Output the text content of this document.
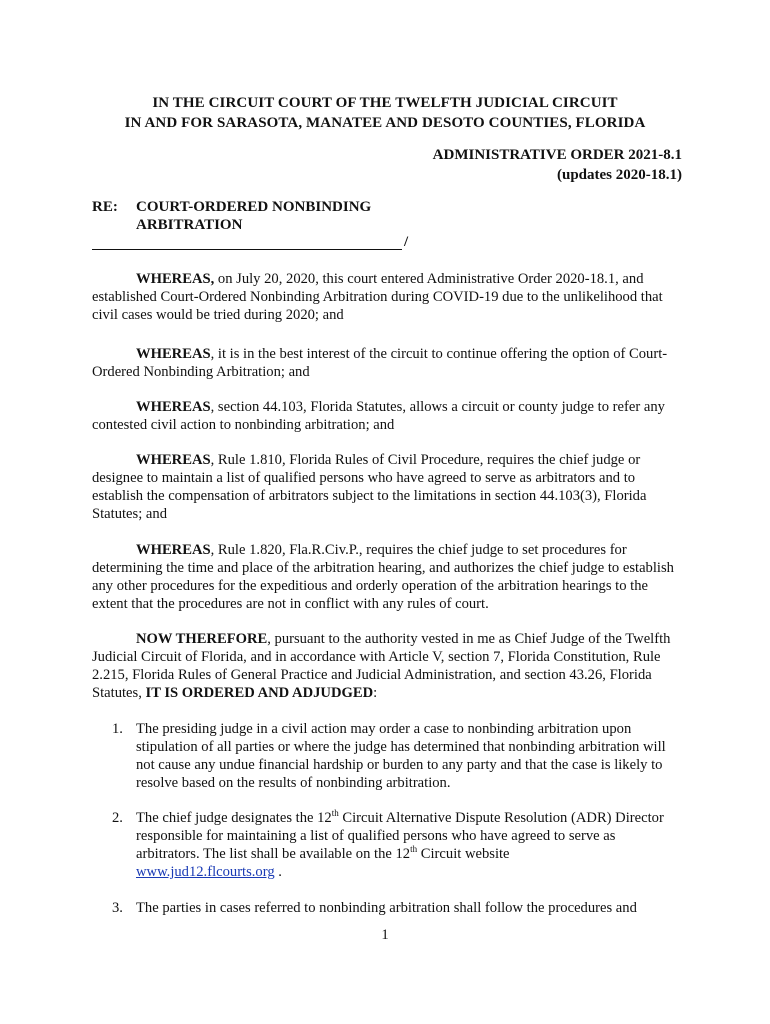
IN THE CIRCUIT COURT OF THE TWELFTH JUDICIAL CIRCUIT
IN AND FOR SARASOTA, MANATEE AND DESOTO COUNTIES, FLORIDA
ADMINISTRATIVE ORDER 2021-8.1
(updates 2020-18.1)
RE: COURT-ORDERED NONBINDING
ARBITRATION
/
WHEREAS, on July 20, 2020, this court entered Administrative Order 2020-18.1, and established Court-Ordered Nonbinding Arbitration during COVID-19 due to the unlikelihood that civil cases would be tried during 2020; and
WHEREAS, it is in the best interest of the circuit to continue offering the option of Court-Ordered Nonbinding Arbitration; and
WHEREAS, section 44.103, Florida Statutes, allows a circuit or county judge to refer any contested civil action to nonbinding arbitration; and
WHEREAS, Rule 1.810, Florida Rules of Civil Procedure, requires the chief judge or designee to maintain a list of qualified persons who have agreed to serve as arbitrators and to establish the compensation of arbitrators subject to the limitations in section 44.103(3), Florida Statutes; and
WHEREAS, Rule 1.820, Fla.R.Civ.P., requires the chief judge to set procedures for determining the time and place of the arbitration hearing, and authorizes the chief judge to establish any other procedures for the expeditious and orderly operation of the arbitration hearings to the extent that the procedures are not in conflict with any rules of court.
NOW THEREFORE, pursuant to the authority vested in me as Chief Judge of the Twelfth Judicial Circuit of Florida, and in accordance with Article V, section 7, Florida Constitution, Rule 2.215, Florida Rules of General Practice and Judicial Administration, and section 43.26, Florida Statutes, IT IS ORDERED AND ADJUDGED:
1. The presiding judge in a civil action may order a case to nonbinding arbitration upon stipulation of all parties or where the judge has determined that nonbinding arbitration will not cause any undue financial hardship or burden to any party and that the case is likely to resolve based on the results of nonbinding arbitration.
2. The chief judge designates the 12th Circuit Alternative Dispute Resolution (ADR) Director responsible for maintaining a list of qualified persons who have agreed to serve as arbitrators. The list shall be available on the 12th Circuit website
www.jud12.flcourts.org .
3. The parties in cases referred to nonbinding arbitration shall follow the procedures and
1
